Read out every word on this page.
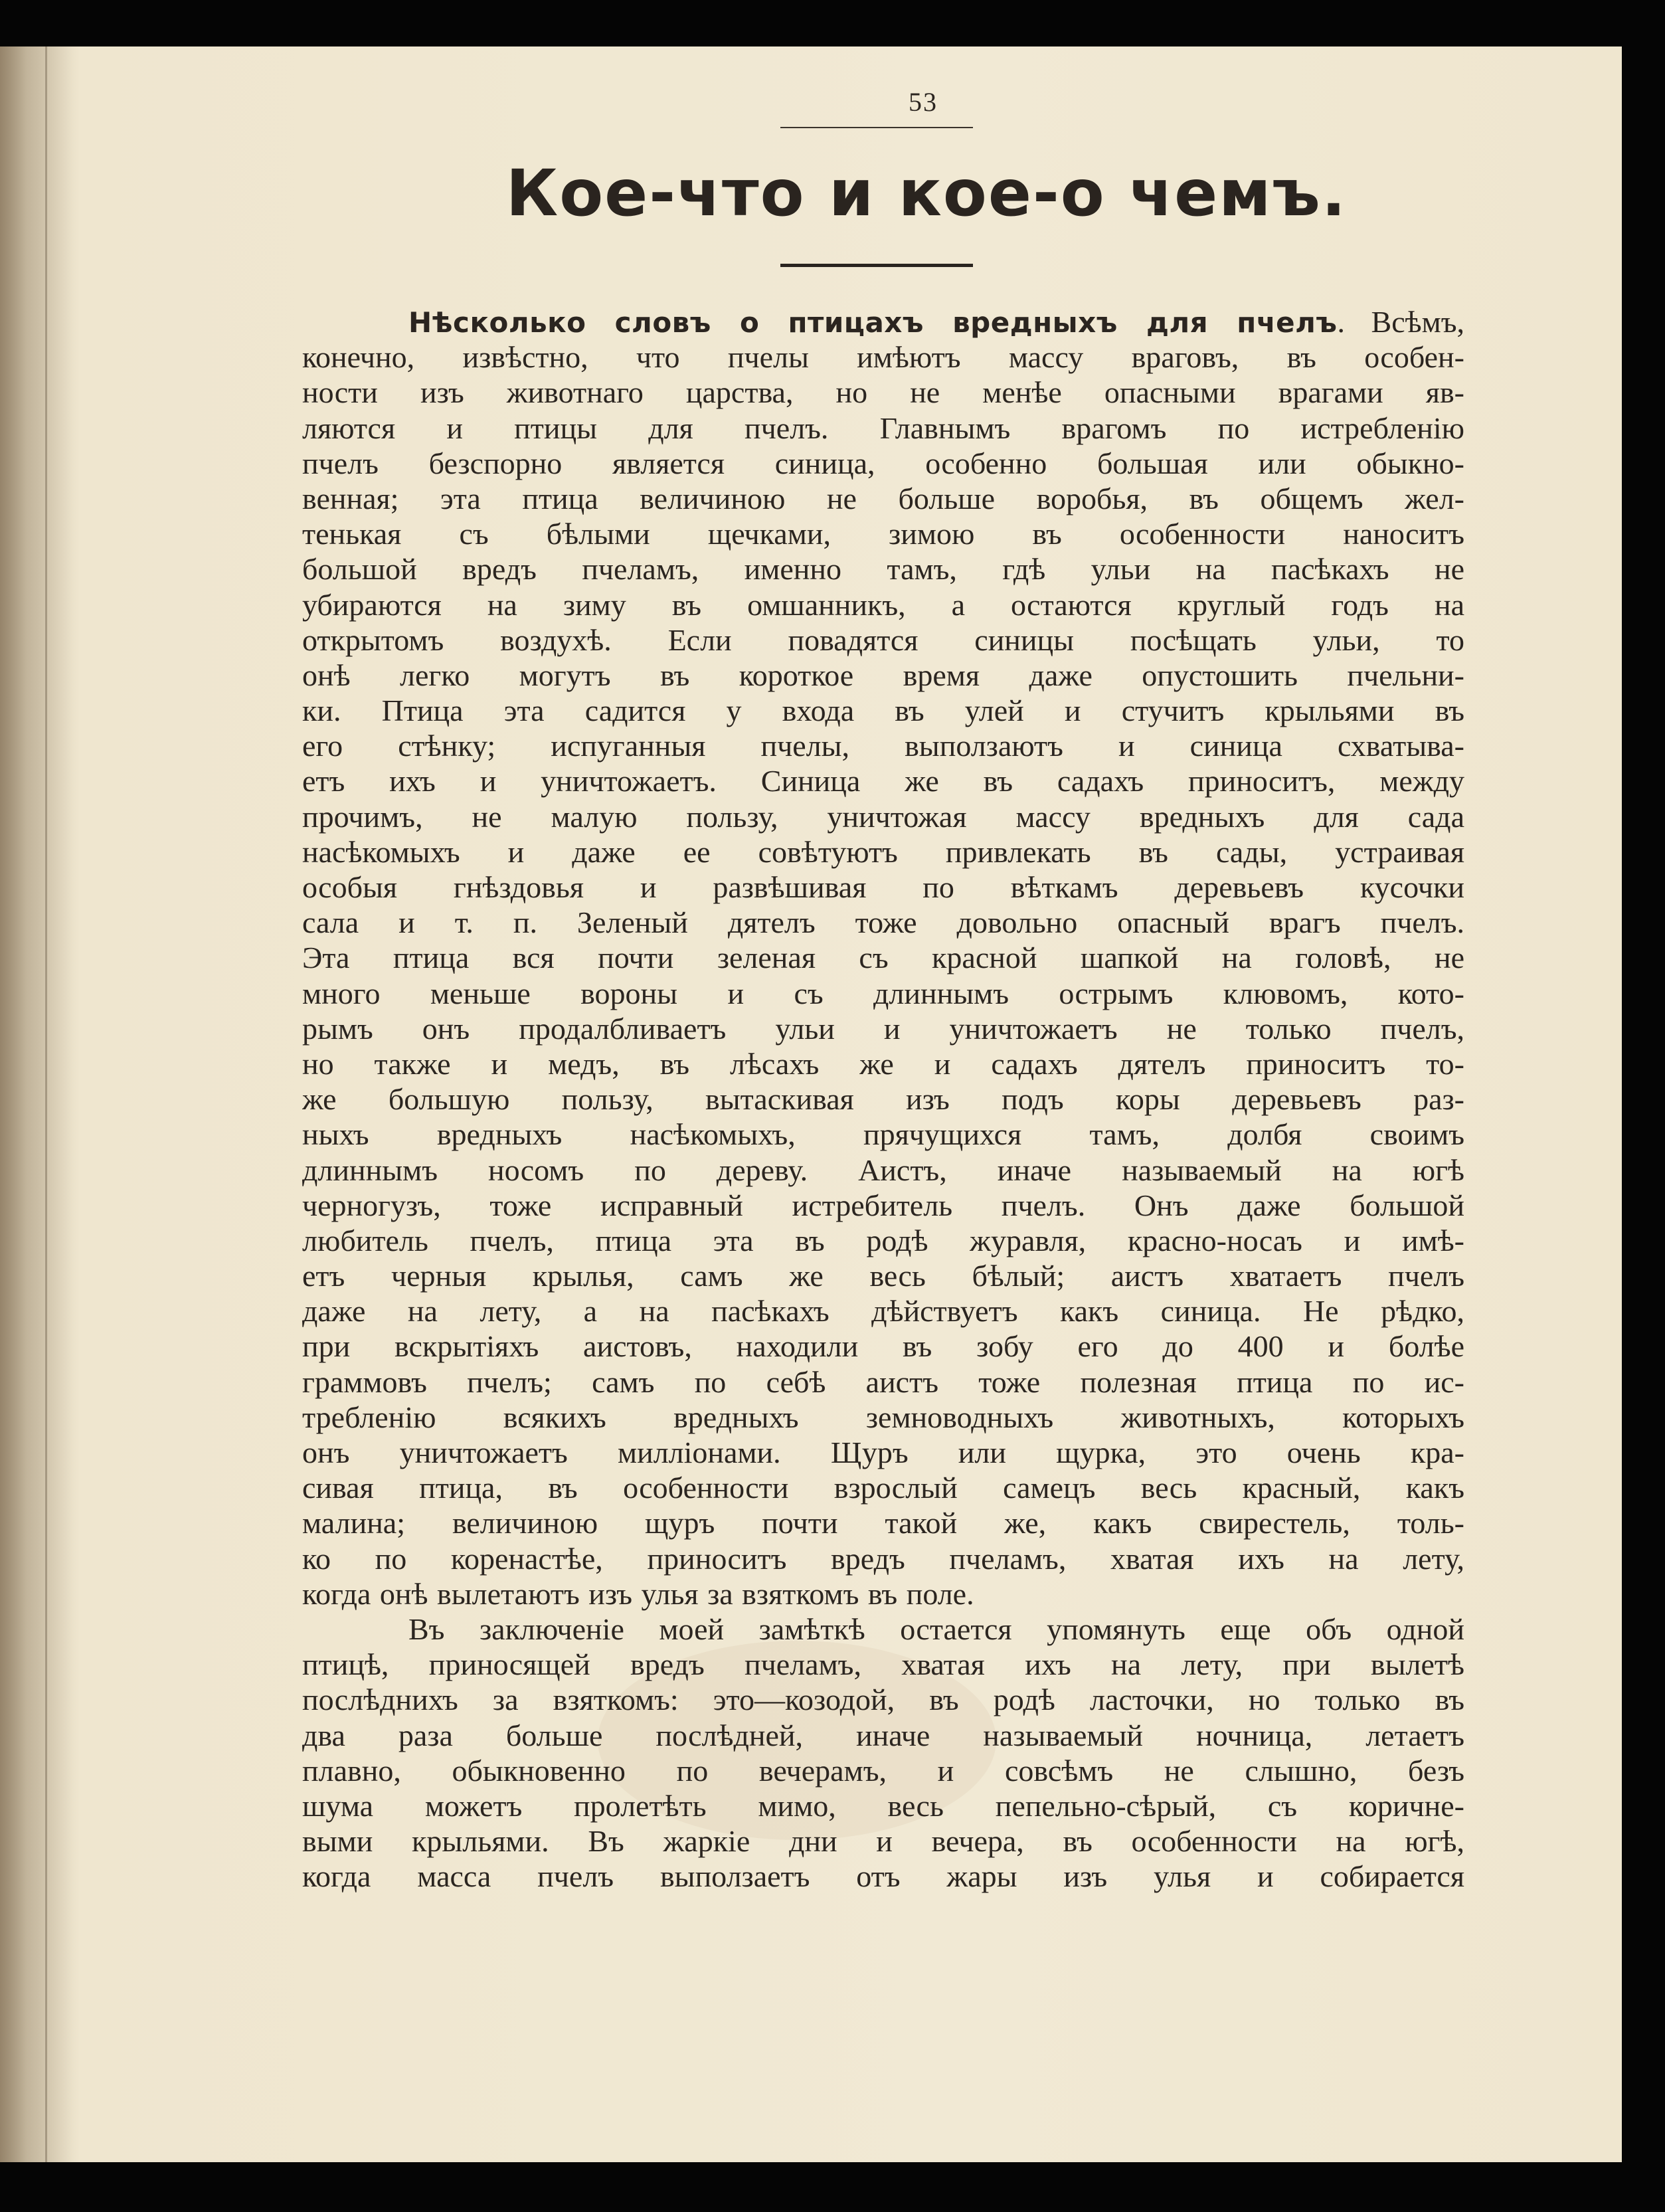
53
Кое-что и кое-о чемъ.
Нѣсколько словъ о птицахъ вредныхъ для пчелъ. Всѣмъ,
конечно, извѣстно, что пчелы имѣютъ массу враговъ, въ особен-
ности изъ животнаго царства, но не менѣе опасными врагами яв-
ляются и птицы для пчелъ. Главнымъ врагомъ по истребленію
пчелъ безспорно является синица, особенно большая или обыкно-
венная; эта птица величиною не больше воробья, въ общемъ жел-
тенькая съ бѣлыми щечками, зимою въ особенности наноситъ
большой вредъ пчеламъ, именно тамъ, гдѣ ульи на пасѣкахъ не
убираются на зиму въ омшанникъ, а остаются круглый годъ на
открытомъ воздухѣ. Если повадятся синицы посѣщать ульи, то
онѣ легко могутъ въ короткое время даже опустошить пчельни-
ки. Птица эта садится у входа въ улей и стучитъ крыльями въ
его стѣнку; испуганныя пчелы, выползаютъ и синица схватыва-
етъ ихъ и уничтожаетъ. Синица же въ садахъ приноситъ, между
прочимъ, не малую пользу, уничтожая массу вредныхъ для сада
насѣкомыхъ и даже ее совѣтуютъ привлекать въ сады, устраивая
особыя гнѣздовья и развѣшивая по вѣткамъ деревьевъ кусочки
сала и т. п. Зеленый дятелъ тоже довольно опасный врагъ пчелъ.
Эта птица вся почти зеленая съ красной шапкой на головѣ, не
много меньше вороны и съ длиннымъ острымъ клювомъ, кото-
рымъ онъ продалбливаетъ ульи и уничтожаетъ не только пчелъ,
но также и медъ, въ лѣсахъ же и садахъ дятелъ приноситъ то-
же большую пользу, вытаскивая изъ подъ коры деревьевъ раз-
ныхъ вредныхъ насѣкомыхъ, прячущихся тамъ, долбя своимъ
длиннымъ носомъ по дереву. Аистъ, иначе называемый на югѣ
черногузъ, тоже исправный истребитель пчелъ. Онъ даже большой
любитель пчелъ, птица эта въ родѣ журавля, красно-носаъ и имѣ-
етъ черныя крылья, самъ же весь бѣлый; аистъ хватаетъ пчелъ
даже на лету, а на пасѣкахъ дѣйствуетъ какъ синица. Не рѣдко,
при вскрытіяхъ аистовъ, находили въ зобу его до 400 и болѣе
граммовъ пчелъ; самъ по себѣ аистъ тоже полезная птица по ис-
требленію всякихъ вредныхъ земноводныхъ животныхъ, которыхъ
онъ уничтожаетъ милліонами. Щуръ или щурка, это очень кра-
сивая птица, въ особенности взрослый самецъ весь красный, какъ
малина; величиною щуръ почти такой же, какъ свирестель, толь-
ко по коренастѣе, приноситъ вредъ пчеламъ, хватая ихъ на лету,
когда онѣ вылетаютъ изъ улья за взяткомъ въ поле.
Въ заключеніе моей замѣткѣ остается упомянуть еще объ одной
птицѣ, приносящей вредъ пчеламъ, хватая ихъ на лету, при вылетѣ
послѣднихъ за взяткомъ: это—козодой, въ родѣ ласточки, но только въ
два раза больше послѣдней, иначе называемый ночница, летаетъ
плавно, обыкновенно по вечерамъ, и совсѣмъ не слышно, безъ
шума можетъ пролетѣть мимо, весь пепельно-сѣрый, съ коричне-
выми крыльями. Въ жаркіе дни и вечера, въ особенности на югѣ,
когда масса пчелъ выползаетъ отъ жары изъ улья и собирается
